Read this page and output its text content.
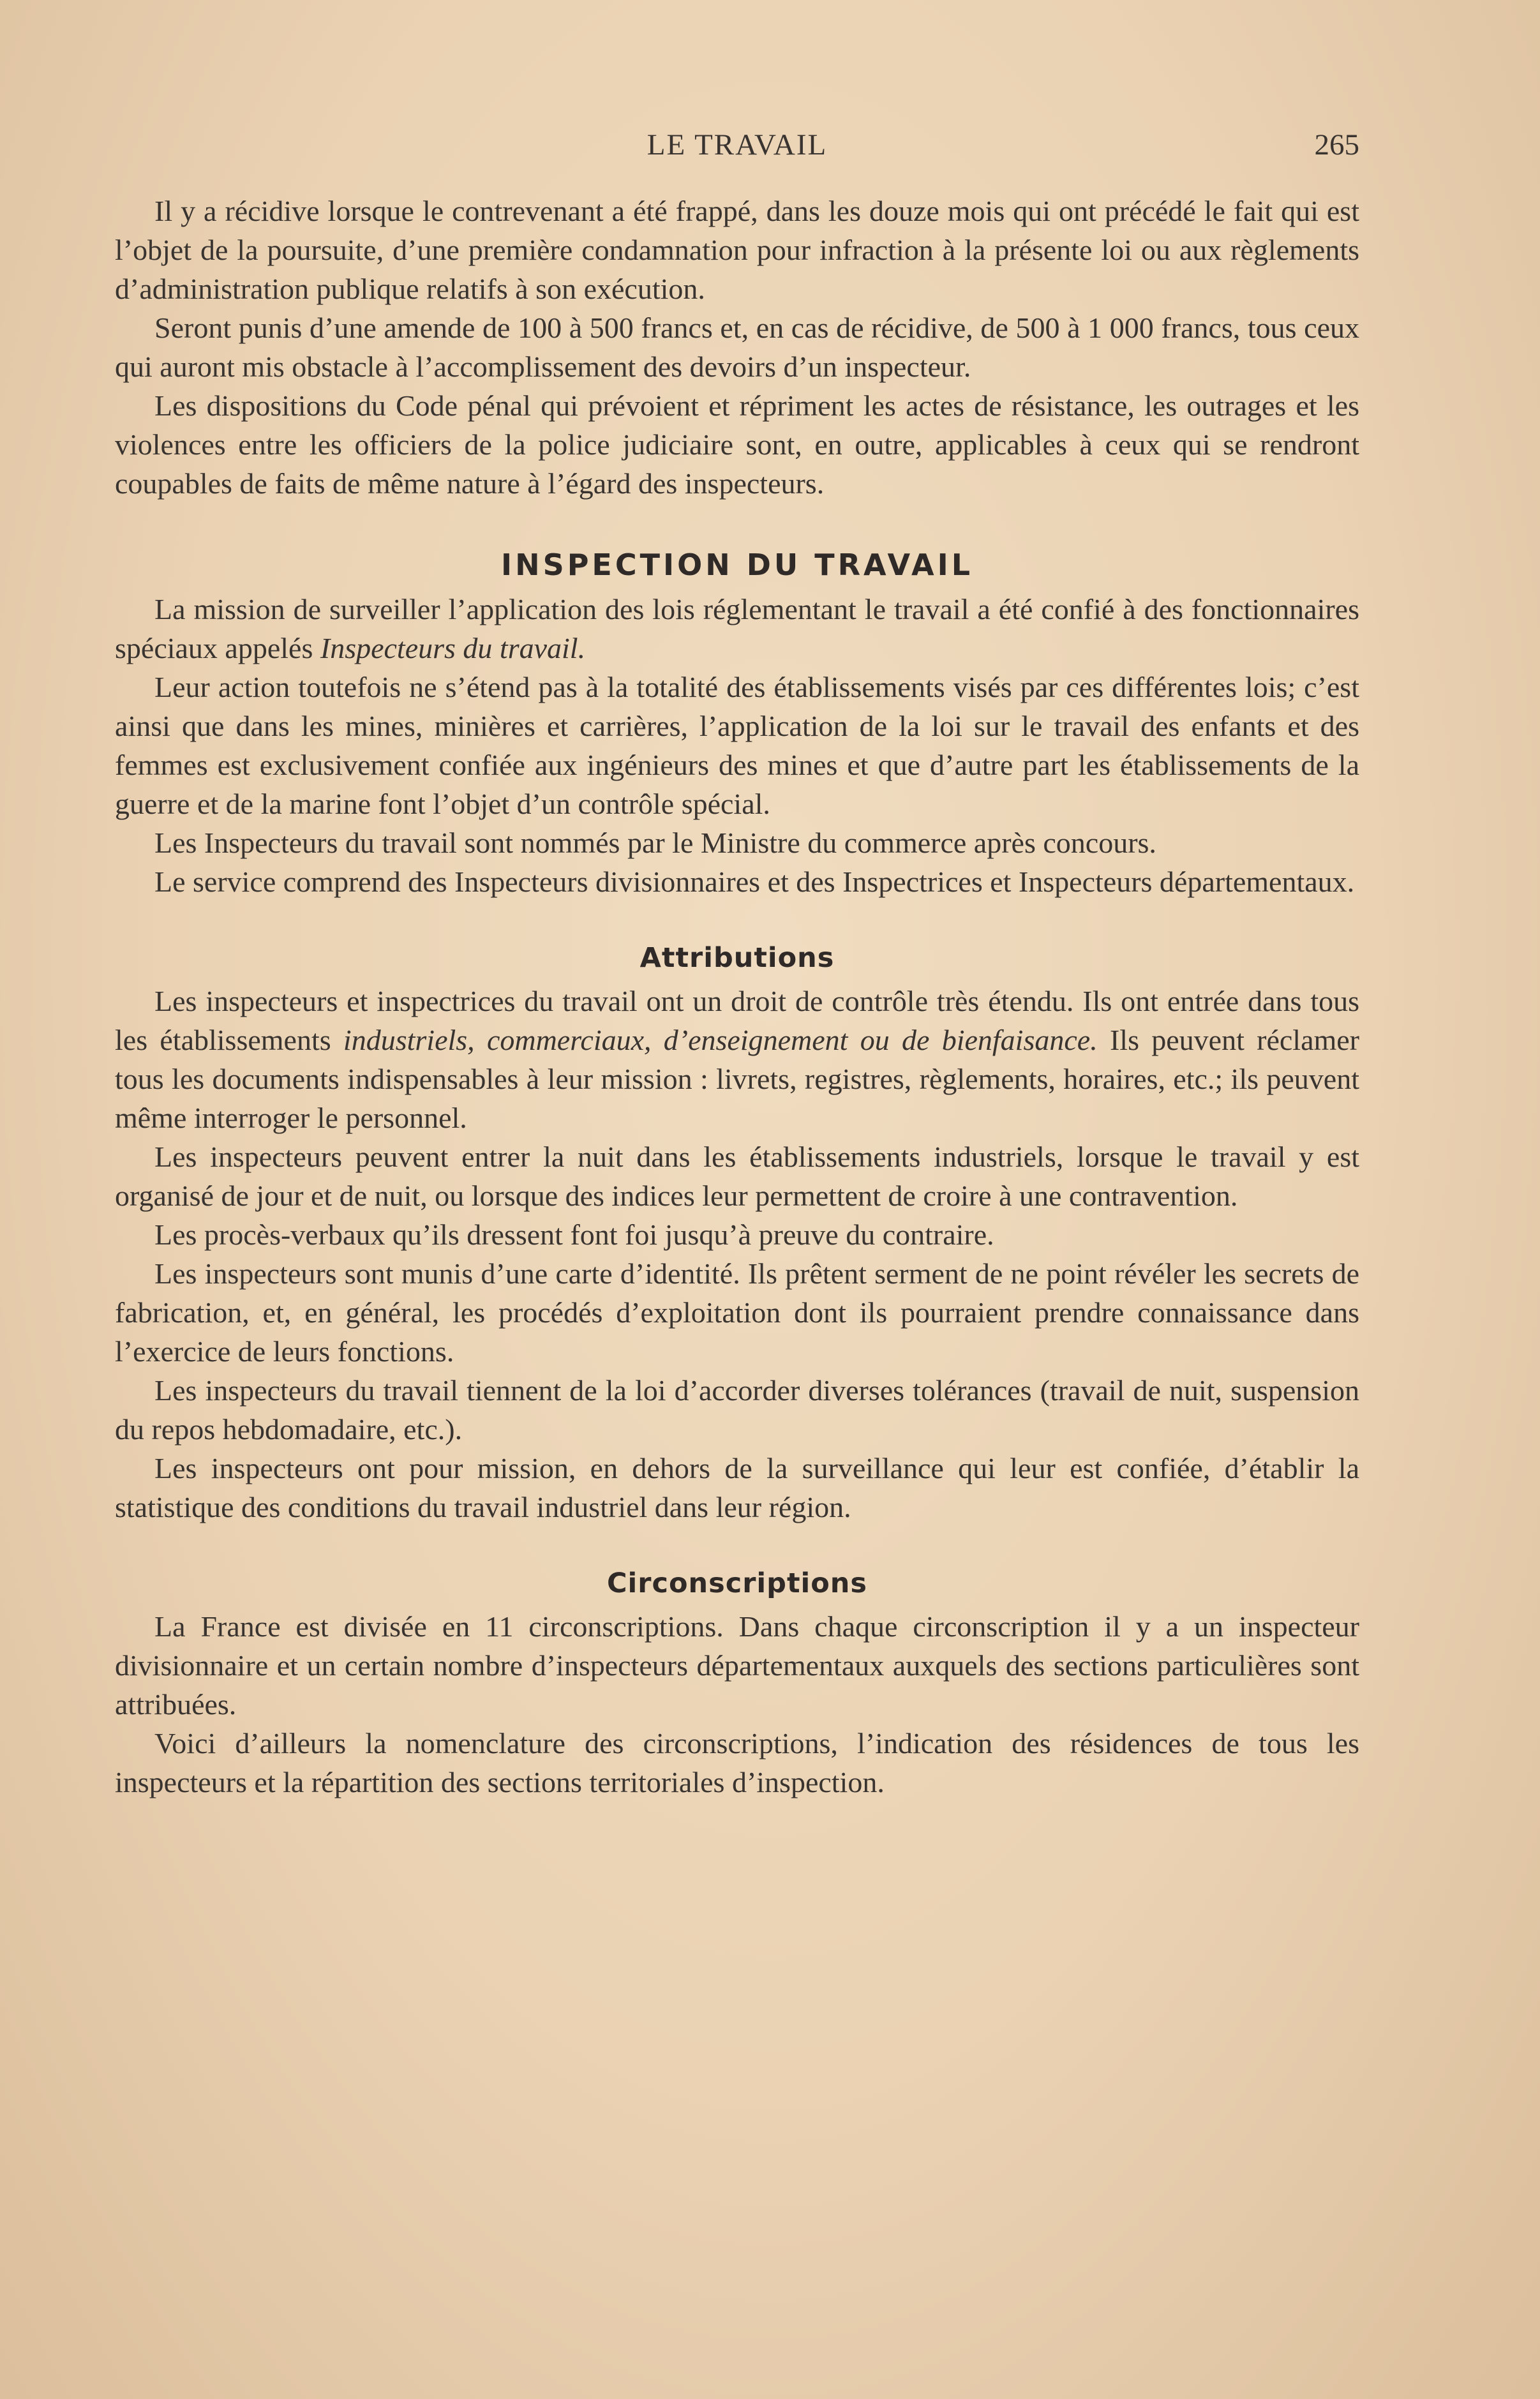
LE TRAVAIL	265

Il y a récidive lorsque le contrevenant a été frappé, dans les douze mois qui ont précédé le fait qui est l’objet de la poursuite, d’une première condamnation pour infraction à la présente loi ou aux règlements d’administration publique relatifs à son exécution.

Seront punis d’une amende de 100 à 500 francs et, en cas de récidive, de 500 à 1 000 francs, tous ceux qui auront mis obstacle à l’accomplissement des devoirs d’un inspecteur.

Les dispositions du Code pénal qui prévoient et répriment les actes de résistance, les outrages et les violences entre les officiers de la police judiciaire sont, en outre, applicables à ceux qui se rendront coupables de faits de même nature à l’égard des inspecteurs.

INSPECTION DU TRAVAIL

La mission de surveiller l’application des lois réglementant le travail a été confié à des fonctionnaires spéciaux appelés Inspecteurs du travail.

Leur action toutefois ne s’étend pas à la totalité des établissements visés par ces différentes lois; c’est ainsi que dans les mines, minières et carrières, l’application de la loi sur le travail des enfants et des femmes est exclusivement confiée aux ingénieurs des mines et que d’autre part les établissements de la guerre et de la marine font l’objet d’un contrôle spécial.

Les Inspecteurs du travail sont nommés par le Ministre du commerce après concours.

Le service comprend des Inspecteurs divisionnaires et des Inspectrices et Inspecteurs départementaux.

Attributions

Les inspecteurs et inspectrices du travail ont un droit de contrôle très étendu. Ils ont entrée dans tous les établissements industriels, commerciaux, d’enseignement ou de bienfaisance. Ils peuvent réclamer tous les documents indispensables à leur mission : livrets, registres, règlements, horaires, etc.; ils peuvent même interroger le personnel.

Les inspecteurs peuvent entrer la nuit dans les établissements industriels, lorsque le travail y est organisé de jour et de nuit, ou lorsque des indices leur permettent de croire à une contravention.

Les procès-verbaux qu’ils dressent font foi jusqu’à preuve du contraire.

Les inspecteurs sont munis d’une carte d’identité. Ils prêtent serment de ne point révéler les secrets de fabrication, et, en général, les procédés d’exploitation dont ils pourraient prendre connaissance dans l’exercice de leurs fonctions.

Les inspecteurs du travail tiennent de la loi d’accorder diverses tolérances (travail de nuit, suspension du repos hebdomadaire, etc.).

Les inspecteurs ont pour mission, en dehors de la surveillance qui leur est confiée, d’établir la statistique des conditions du travail industriel dans leur région.

Circonscriptions

La France est divisée en 11 circonscriptions. Dans chaque circonscription il y a un inspecteur divisionnaire et un certain nombre d’inspecteurs départementaux auxquels des sections particulières sont attribuées.

Voici d’ailleurs la nomenclature des circonscriptions, l’indication des résidences de tous les inspecteurs et la répartition des sections territoriales d’inspection.
